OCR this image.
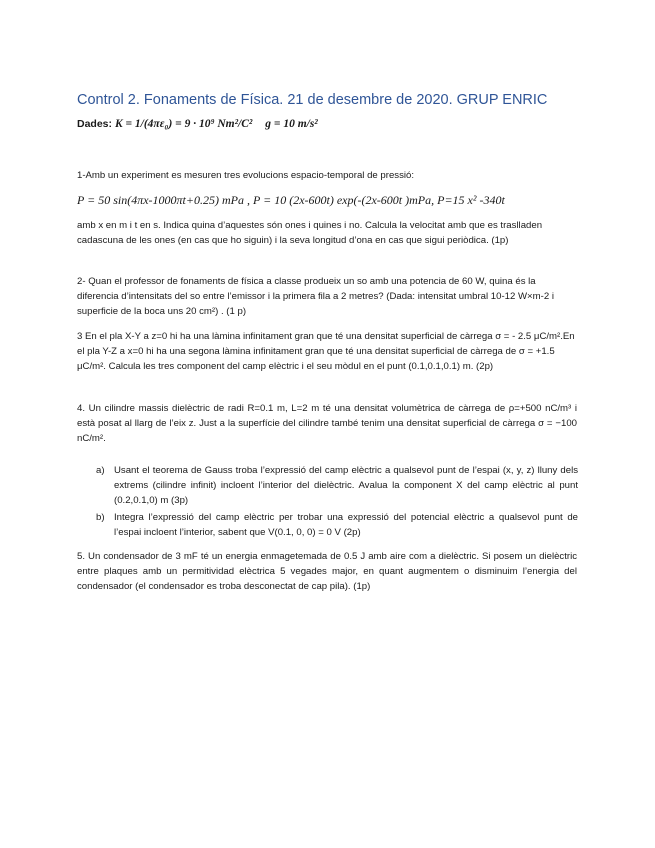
Control 2. Fonaments de Física. 21 de desembre de 2020. GRUP ENRIC
Dades: K = 1/(4πε₀) = 9 · 10⁹ Nm²/C² g = 10 m/s²
1-Amb un experiment es mesuren tres evolucions espacio-temporal de pressió:
P = 50 sin(4πx-1000πt+0.25) mPa , P = 10 (2x-600t) exp(-(2x-600t )mPa, P=15 x² -340t
amb x en m i t en s. Indica quina d’aquestes són ones i quines i no. Calcula la velocitat amb que es traslladen cadascuna de les ones (en cas que ho siguin) i la seva longitud d’ona en cas que sigui periòdica. (1p)
2- Quan el professor de fonaments de física a classe produeix un so amb una potencia de 60 W, quina és la diferencia d’intensitats del so entre l’emissor i la primera fila a 2 metres? (Dada: intensitat umbral 10-12 W×m-2 i superficie de la boca uns 20 cm²) . (1 p)
3 En el pla X-Y a z=0 hi ha una làmina infinitament gran que té una densitat superficial de càrrega σ = - 2.5 μC/m².En el pla Y-Z a x=0 hi ha una segona làmina infinitament gran que té una densitat superficial de càrrega de σ = +1.5 μC/m². Calcula les tres component del camp elèctric i el seu mòdul en el punt (0.1,0.1,0.1) m. (2p)
4. Un cilindre massis dielèctric de radi R=0.1 m, L=2 m té una densitat volumètrica de càrrega de ρ=+500 nC/m³ i està posat al llarg de l’eix z. Just a la superfície del cilindre també tenim una densitat superficial de càrrega σ = −100 nC/m².
a) Usant el teorema de Gauss troba l’expressió del camp elèctric a qualsevol punt de l’espai (x, y, z) lluny dels extrems (cilindre infinit) incloent l’interior del dielèctric. Avalua la component X del camp elèctric al punt (0.2,0.1,0) m (3p)
b) Integra l’expressió del camp elèctric per trobar una expressió del potencial elèctric a qualsevol punt de l’espai incloent l’interior, sabent que V(0.1, 0, 0) = 0 V (2p)
5. Un condensador de 3 mF té un energia enmagetemada de 0.5 J amb aire com a dielèctric. Si posem un dielèctric entre plaques amb un permitividad elèctrica 5 vegades major, en quant augmentem o disminuim l’energia del condensador (el condensador es troba desconectat de cap pila). (1p)
